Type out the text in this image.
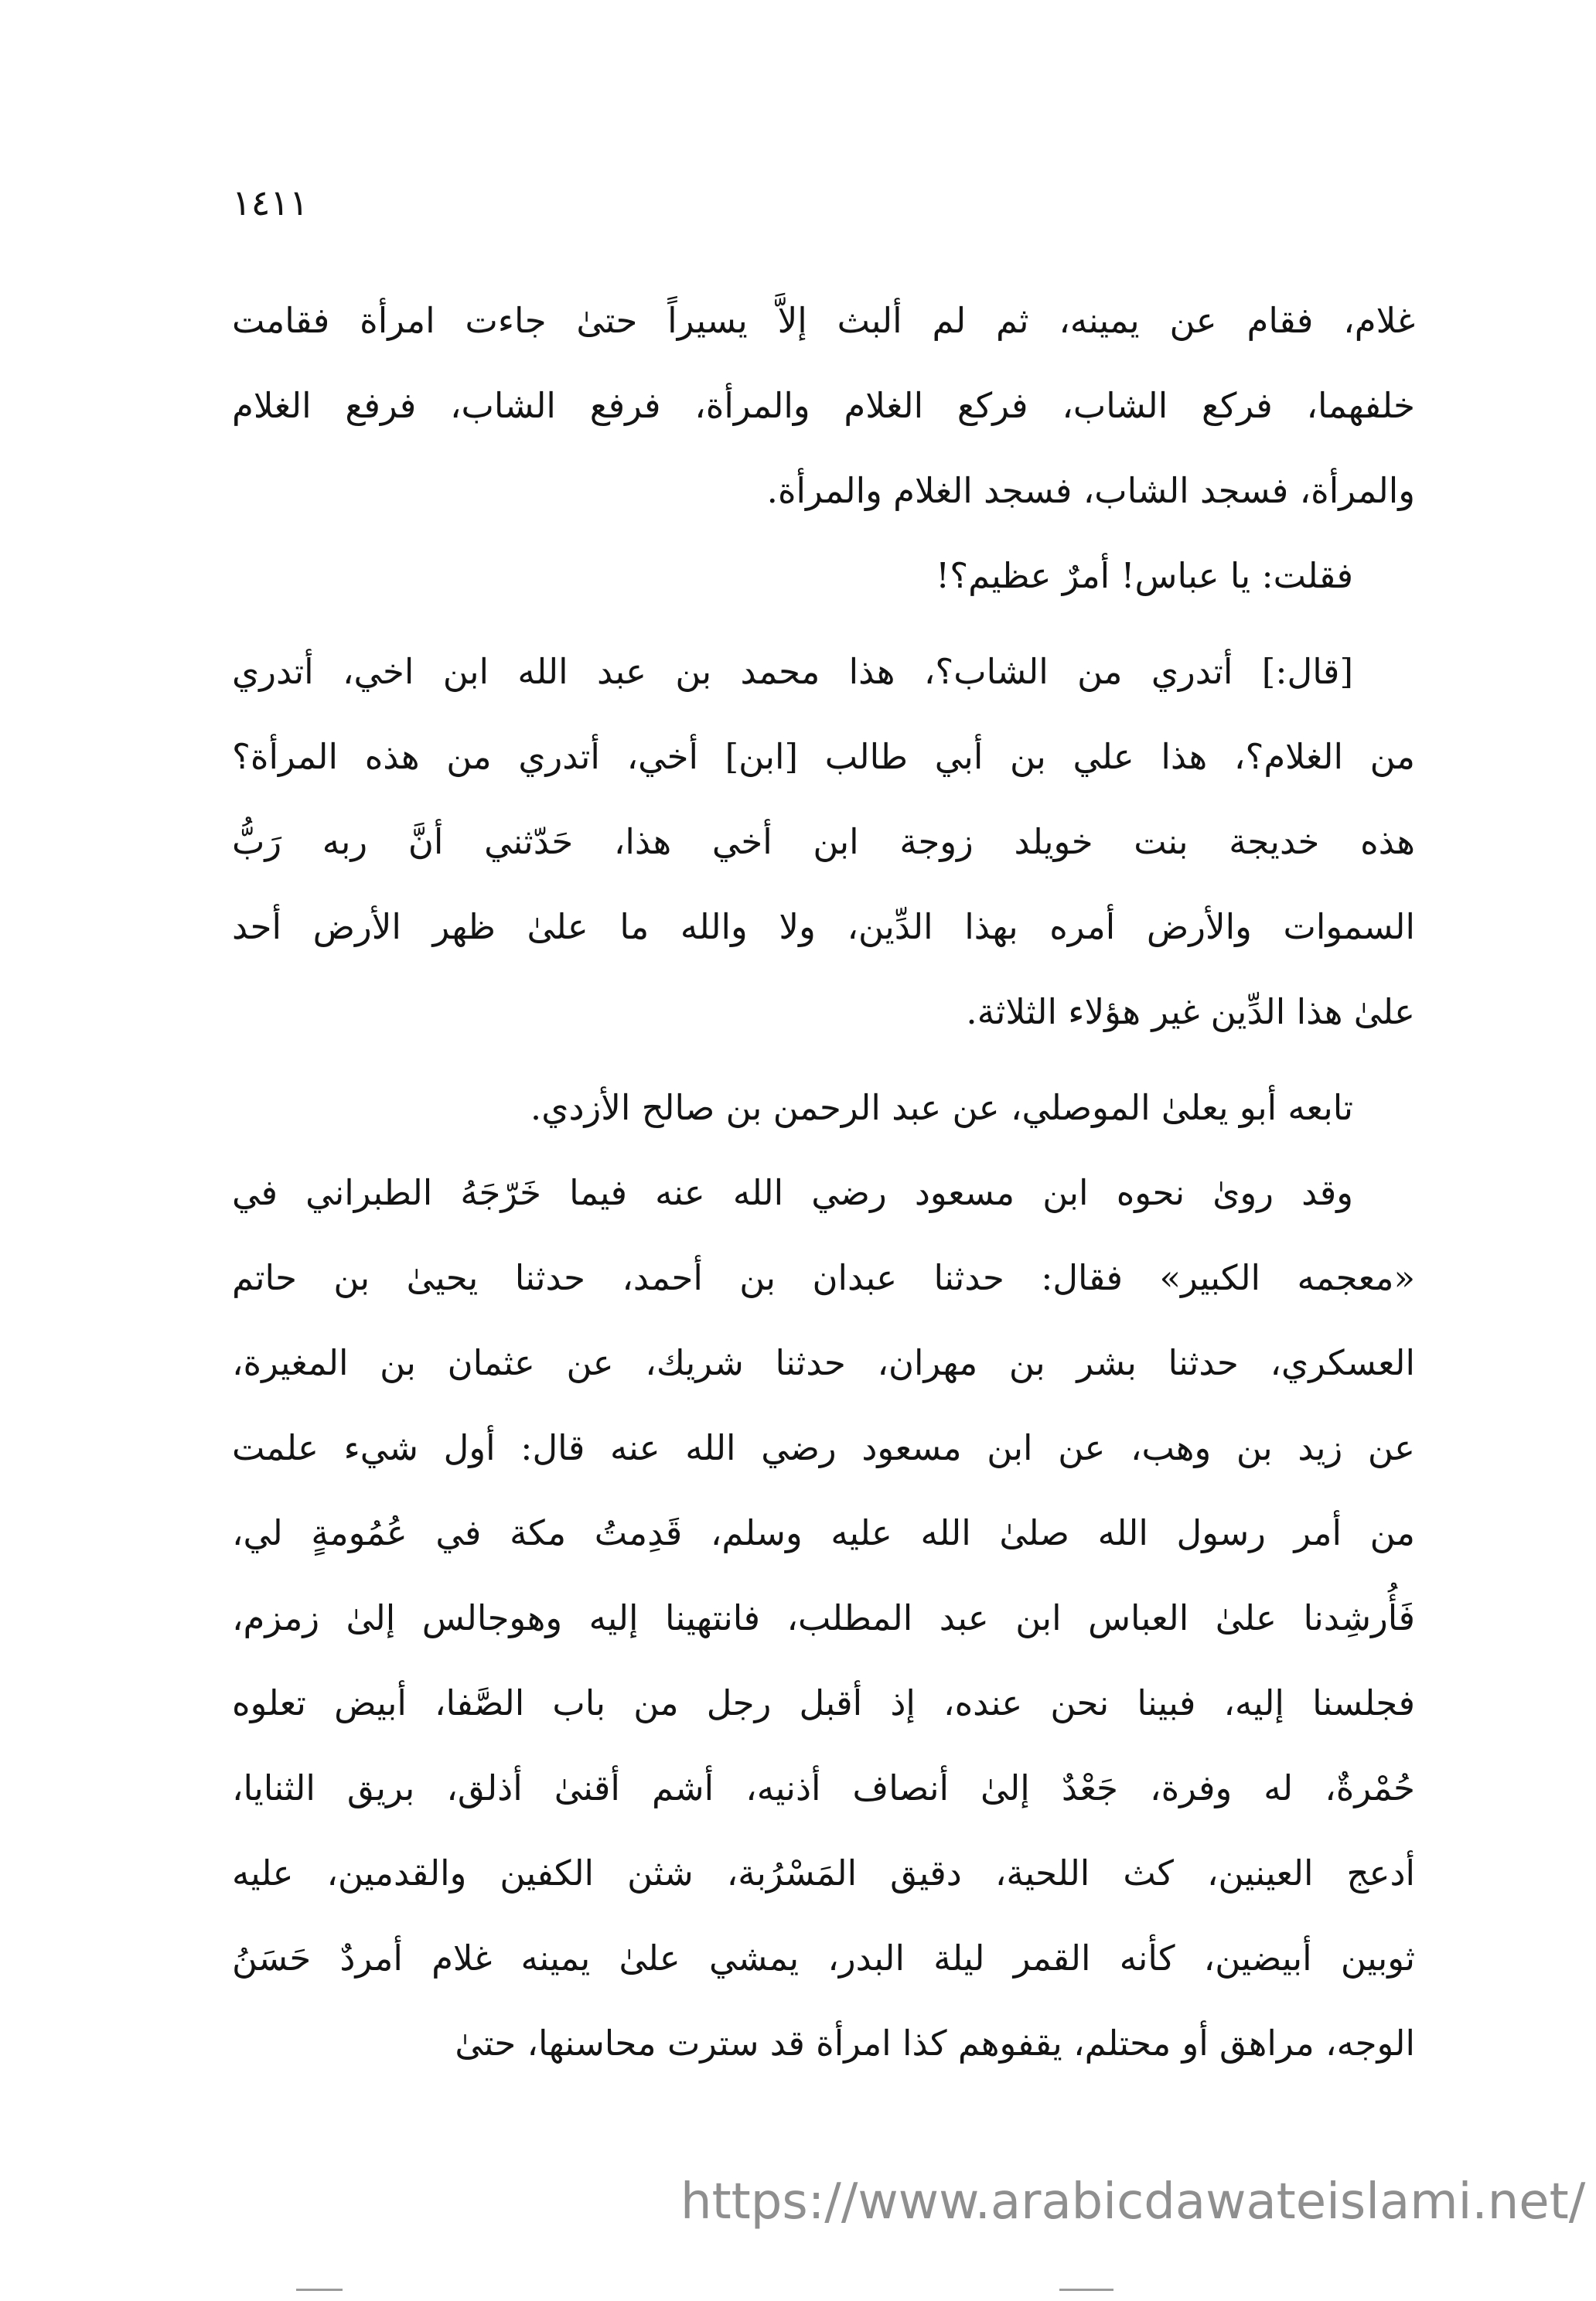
١٤١١
غلام، فقام عن يمينه، ثم لم ألبث إلاَّ يسيراً حتىٰ جاءت امرأة فقامت
خلفهما، فركع الشاب، فركع الغلام والمرأة، فرفع الشاب، فرفع الغلام
والمرأة، فسجد الشاب، فسجد الغلام والمرأة.
فقلت: يا عباس! أمرٌ عظيم؟!
[قال:] أتدري من الشاب؟، هذا محمد بن عبد الله ابن اخي، أتدري
من الغلام؟، هذا علي بن أبي طالب [ابن] أخي، أتدري من هذه المرأة؟
هذه خديجة بنت خويلد زوجة ابن أخي هذا، حَدّثني أنَّ ربه رَبُّ
السموات والأرض أمره بهذا الدِّين، ولا والله ما علىٰ ظهر الأرض أحد
علىٰ هذا الدِّين غير هؤلاء الثلاثة.
تابعه أبو يعلىٰ الموصلي، عن عبد الرحمن بن صالح الأزدي.
وقد روىٰ نحوه ابن مسعود رضي الله عنه فيما خَرّجَهُ الطبراني في
«معجمه الكبير» فقال: حدثنا عبدان بن أحمد، حدثنا يحيىٰ بن حاتم
العسكري، حدثنا بشر بن مهران، حدثنا شريك، عن عثمان بن المغيرة،
عن زيد بن وهب، عن ابن مسعود رضي الله عنه قال: أول شيء علمت
من أمر رسول الله صلىٰ الله عليه وسلم، قَدِمتُ مكة في عُمُومةٍ لي،
فَأُرشِدنا علىٰ العباس ابن عبد المطلب، فانتهينا إليه وهوجالس إلىٰ زمزم،
فجلسنا إليه، فبينا نحن عنده، إذ أقبل رجل من باب الصَّفا، أبيض تعلوه
حُمْرةٌ، له وفرة، جَعْدٌ إلىٰ أنصاف أذنيه، أشم أقنىٰ أذلق، بريق الثنايا،
أدعج العينين، كث اللحية، دقيق المَسْرُبة، شثن الكفين والقدمين، عليه
ثوبين أبيضين، كأنه القمر ليلة البدر، يمشي علىٰ يمينه غلام أمردٌ حَسَنُ
الوجه، مراهق أو محتلم، يقفوهم كذا امرأة قد سترت محاسنها، حتىٰ
https://www.arabicdawateislami.net/
